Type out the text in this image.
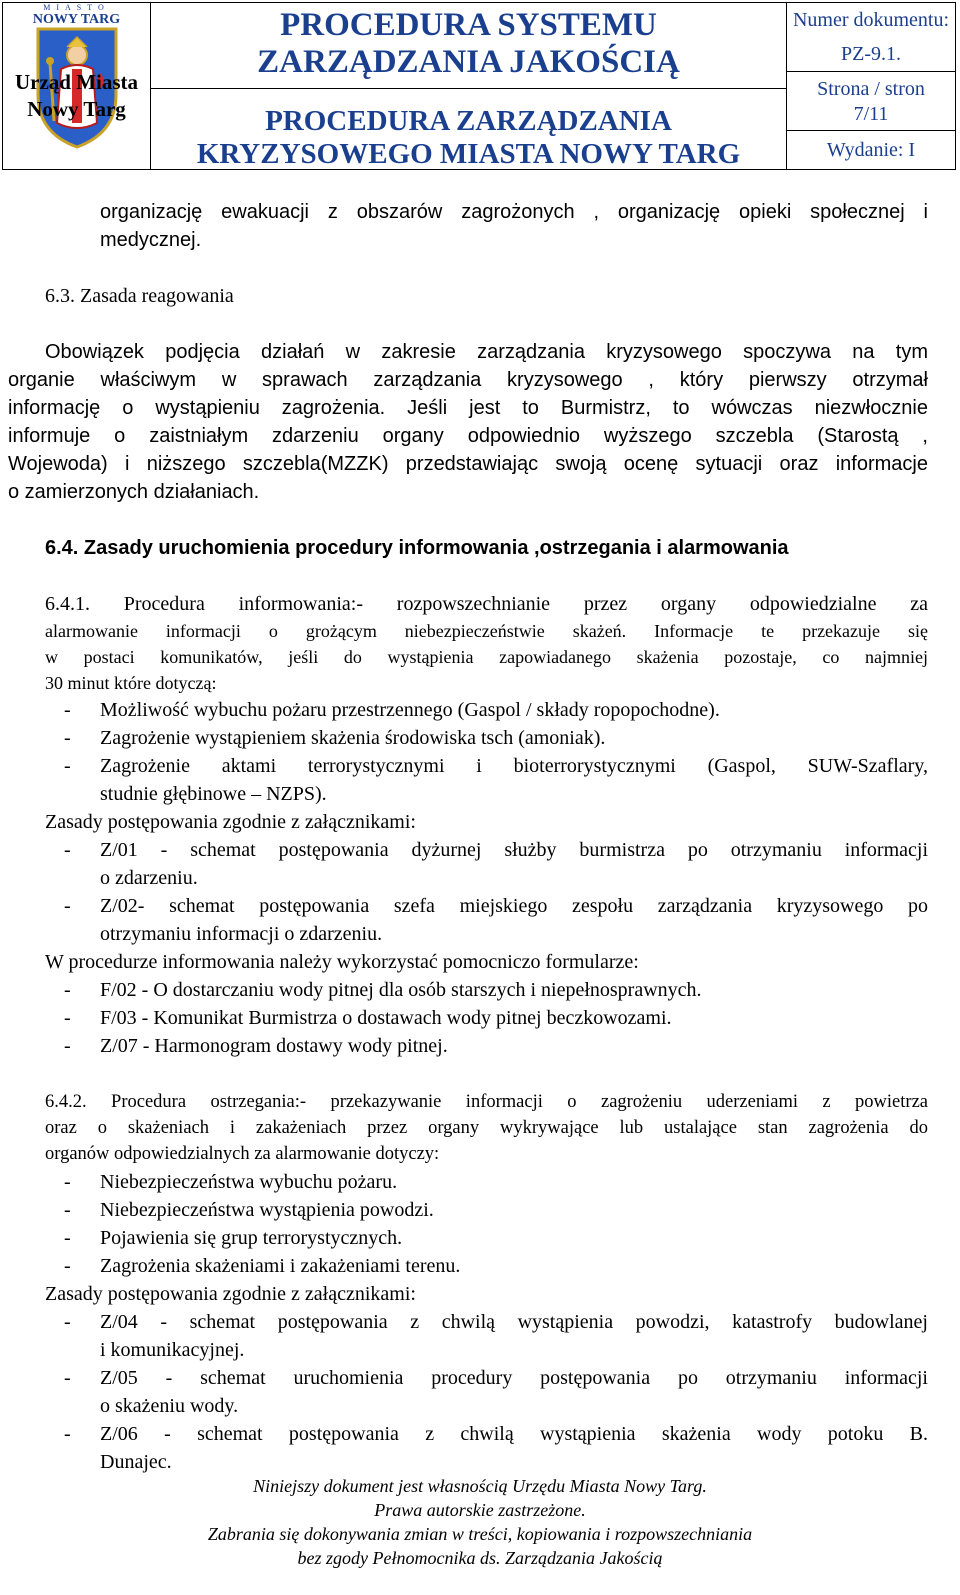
MIASTO
NOWY TARG
Urząd Miasta
Nowy Targ
PROCEDURA SYSTEMU
ZARZĄDZANIA JAKOŚCIĄ
PROCEDURA ZARZĄDZANIA
KRYZYSOWEGO MIASTA NOWY TARG
Numer dokumentu:
PZ-9.1.
Strona / stron
7/11
Wydanie: I
organizację ewakuacji z obszarów zagrożonych , organizację opieki społecznej i
medycznej.
6.3. Zasada reagowania
Obowiązek podjęcia działań w zakresie zarządzania kryzysowego spoczywa na tym
organie właściwym w sprawach zarządzania kryzysowego , który pierwszy otrzymał
informację o wystąpieniu zagrożenia. Jeśli jest to Burmistrz, to wówczas niezwłocznie
informuje o zaistniałym zdarzeniu organy odpowiednio wyższego szczebla (Starostą ,
Wojewoda) i niższego szczebla(MZZK) przedstawiając swoją ocenę sytuacji oraz informacje
o zamierzonych działaniach.
6.4. Zasady uruchomienia procedury informowania ,ostrzegania i alarmowania
6.4.1. Procedura informowania:- rozpowszechnianie przez organy odpowiedzialne za
alarmowanie informacji o grożącym niebezpieczeństwie skażeń. Informacje te przekazuje się
w postaci komunikatów, jeśli do wystąpienia zapowiadanego skażenia pozostaje, co najmniej
30 minut które dotyczą:
- Możliwość wybuchu pożaru przestrzennego (Gaspol / składy ropopochodne).
- Zagrożenie wystąpieniem skażenia środowiska tsch (amoniak).
- Zagrożenie aktami terrorystycznymi i bioterrorystycznymi (Gaspol, SUW-Szaflary,
studnie głębinowe – NZPS).
Zasady postępowania zgodnie z załącznikami:
- Z/01 - schemat postępowania dyżurnej służby burmistrza po otrzymaniu informacji
o zdarzeniu.
- Z/02- schemat postępowania szefa miejskiego zespołu zarządzania kryzysowego po
otrzymaniu informacji o zdarzeniu.
W procedurze informowania należy wykorzystać pomocniczo formularze:
- F/02 - O dostarczaniu wody pitnej dla osób starszych i niepełnosprawnych.
- F/03 - Komunikat Burmistrza o dostawach wody pitnej beczkowozami.
- Z/07 - Harmonogram dostawy wody pitnej.
6.4.2. Procedura ostrzegania:- przekazywanie informacji o zagrożeniu uderzeniami z powietrza
oraz o skażeniach i zakażeniach przez organy wykrywające lub ustalające stan zagrożenia do
organów odpowiedzialnych za alarmowanie dotyczy:
- Niebezpieczeństwa wybuchu pożaru.
- Niebezpieczeństwa wystąpienia powodzi.
- Pojawienia się grup terrorystycznych.
- Zagrożenia skażeniami i zakażeniami terenu.
Zasady postępowania zgodnie z załącznikami:
- Z/04 - schemat postępowania z chwilą wystąpienia powodzi, katastrofy budowlanej
i komunikacyjnej.
- Z/05 - schemat uruchomienia procedury postępowania po otrzymaniu informacji
o skażeniu wody.
- Z/06 - schemat postępowania z chwilą wystąpienia skażenia wody potoku B.
Dunajec.
Niniejszy dokument jest własnością Urzędu Miasta Nowy Targ.
Prawa autorskie zastrzeżone.
Zabrania się dokonywania zmian w treści, kopiowania i rozpowszechniania
bez zgody Pełnomocnika ds. Zarządzania Jakością
